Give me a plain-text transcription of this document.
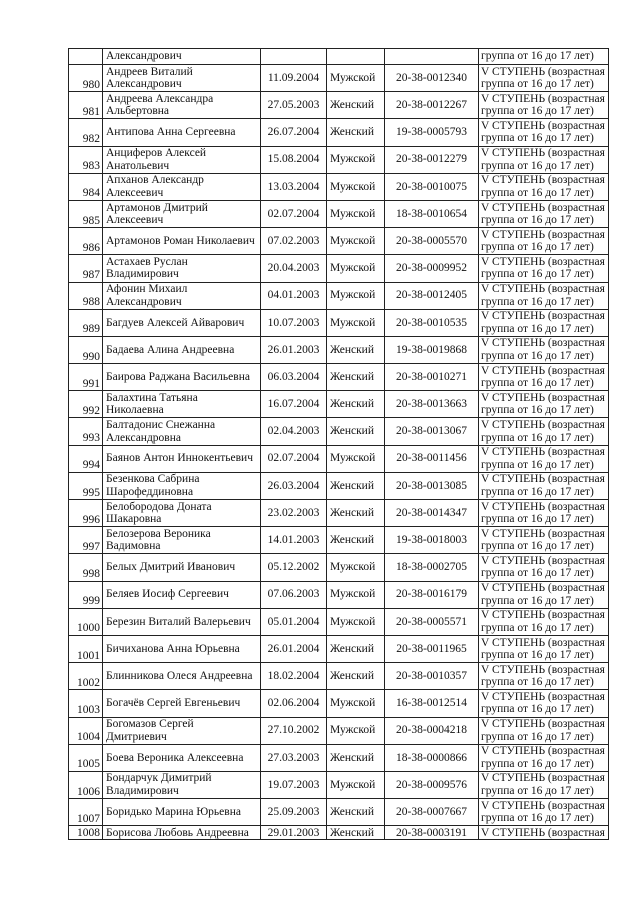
	Александрович				группа от 16 до 17 лет)
980	Андреев Виталий Александрович	11.09.2004	Мужской	20-38-0012340	V СТУПЕНЬ (возрастная
группа от 16 до 17 лет)

981	Андреева Александра Альбертовна	27.05.2003	Женский	20-38-0012267	V СТУПЕНЬ (возрастная
группа от 16 до 17 лет)

982	Антипова Анна Сергеевна	26.07.2004	Женский	19-38-0005793	V СТУПЕНЬ (возрастная
группа от 16 до 17 лет)

983	Анциферов Алексей Анатольевич	15.08.2004	Мужской	20-38-0012279	V СТУПЕНЬ (возрастная
группа от 16 до 17 лет)

984	Апханов Александр Алексеевич	13.03.2004	Мужской	20-38-0010075	V СТУПЕНЬ (возрастная
группа от 16 до 17 лет)

985	Артамонов Дмитрий Алексеевич	02.07.2004	Мужской	18-38-0010654	V СТУПЕНЬ (возрастная
группа от 16 до 17 лет)

986	Артамонов Роман Николаевич	07.02.2003	Мужской	20-38-0005570	V СТУПЕНЬ (возрастная
группа от 16 до 17 лет)

987	Астахаев Руслан Владимирович	20.04.2003	Мужской	20-38-0009952	V СТУПЕНЬ (возрастная
группа от 16 до 17 лет)

988	Афонин Михаил Александрович	04.01.2003	Мужской	20-38-0012405	V СТУПЕНЬ (возрастная
группа от 16 до 17 лет)

989	Багдуев Алексей Айварович	10.07.2003	Мужской	20-38-0010535	V СТУПЕНЬ (возрастная
группа от 16 до 17 лет)

990	Бадаева Алина Андреевна	26.01.2003	Женский	19-38-0019868	V СТУПЕНЬ (возрастная
группа от 16 до 17 лет)

991	Баирова Раджана Васильевна	06.03.2004	Женский	20-38-0010271	V СТУПЕНЬ (возрастная
группа от 16 до 17 лет)

992	Балахтина Татьяна Николаевна	16.07.2004	Женский	20-38-0013663	V СТУПЕНЬ (возрастная
группа от 16 до 17 лет)

993	Балтадонис Снежанна Александровна	02.04.2003	Женский	20-38-0013067	V СТУПЕНЬ (возрастная
группа от 16 до 17 лет)

994	Баянов Антон Иннокентьевич	02.07.2004	Мужской	20-38-0011456	V СТУПЕНЬ (возрастная
группа от 16 до 17 лет)

995	Безенкова Сабрина Шарофеддиновна	26.03.2004	Женский	20-38-0013085	V СТУПЕНЬ (возрастная
группа от 16 до 17 лет)

996	Белобородова Доната Шакаровна	23.02.2003	Женский	20-38-0014347	V СТУПЕНЬ (возрастная
группа от 16 до 17 лет)

997	Белозерова Вероника Вадимовна	14.01.2003	Женский	19-38-0018003	V СТУПЕНЬ (возрастная
группа от 16 до 17 лет)

998	Белых Дмитрий Иванович	05.12.2002	Мужской	18-38-0002705	V СТУПЕНЬ (возрастная
группа от 16 до 17 лет)

999	Беляев Иосиф Сергеевич	07.06.2003	Мужской	20-38-0016179	V СТУПЕНЬ (возрастная
группа от 16 до 17 лет)

1000	Березин Виталий Валерьевич	05.01.2004	Мужской	20-38-0005571	V СТУПЕНЬ (возрастная
группа от 16 до 17 лет)

1001	Бичиханова Анна Юрьевна	26.01.2004	Женский	20-38-0011965	V СТУПЕНЬ (возрастная
группа от 16 до 17 лет)

1002	Блинникова Олеся Андреевна	18.02.2004	Женский	20-38-0010357	V СТУПЕНЬ (возрастная
группа от 16 до 17 лет)

1003	Богачёв Сергей Евгеньевич	02.06.2004	Мужской	16-38-0012514	V СТУПЕНЬ (возрастная
группа от 16 до 17 лет)

1004	Богомазов Сергей Дмитриевич	27.10.2002	Мужской	20-38-0004218	V СТУПЕНЬ (возрастная
группа от 16 до 17 лет)

1005	Боева Вероника Алексеевна	27.03.2003	Женский	18-38-0000866	V СТУПЕНЬ (возрастная
группа от 16 до 17 лет)

1006	Бондарчук Димитрий Владимирович	19.07.2003	Мужской	20-38-0009576	V СТУПЕНЬ (возрастная
группа от 16 до 17 лет)

1007	Боридько Марина Юрьевна	25.09.2003	Женский	20-38-0007667	V СТУПЕНЬ (возрастная
группа от 16 до 17 лет)

1008	Борисова Любовь Андреевна	29.01.2003	Женский	20-38-0003191	V СТУПЕНЬ (возрастная
